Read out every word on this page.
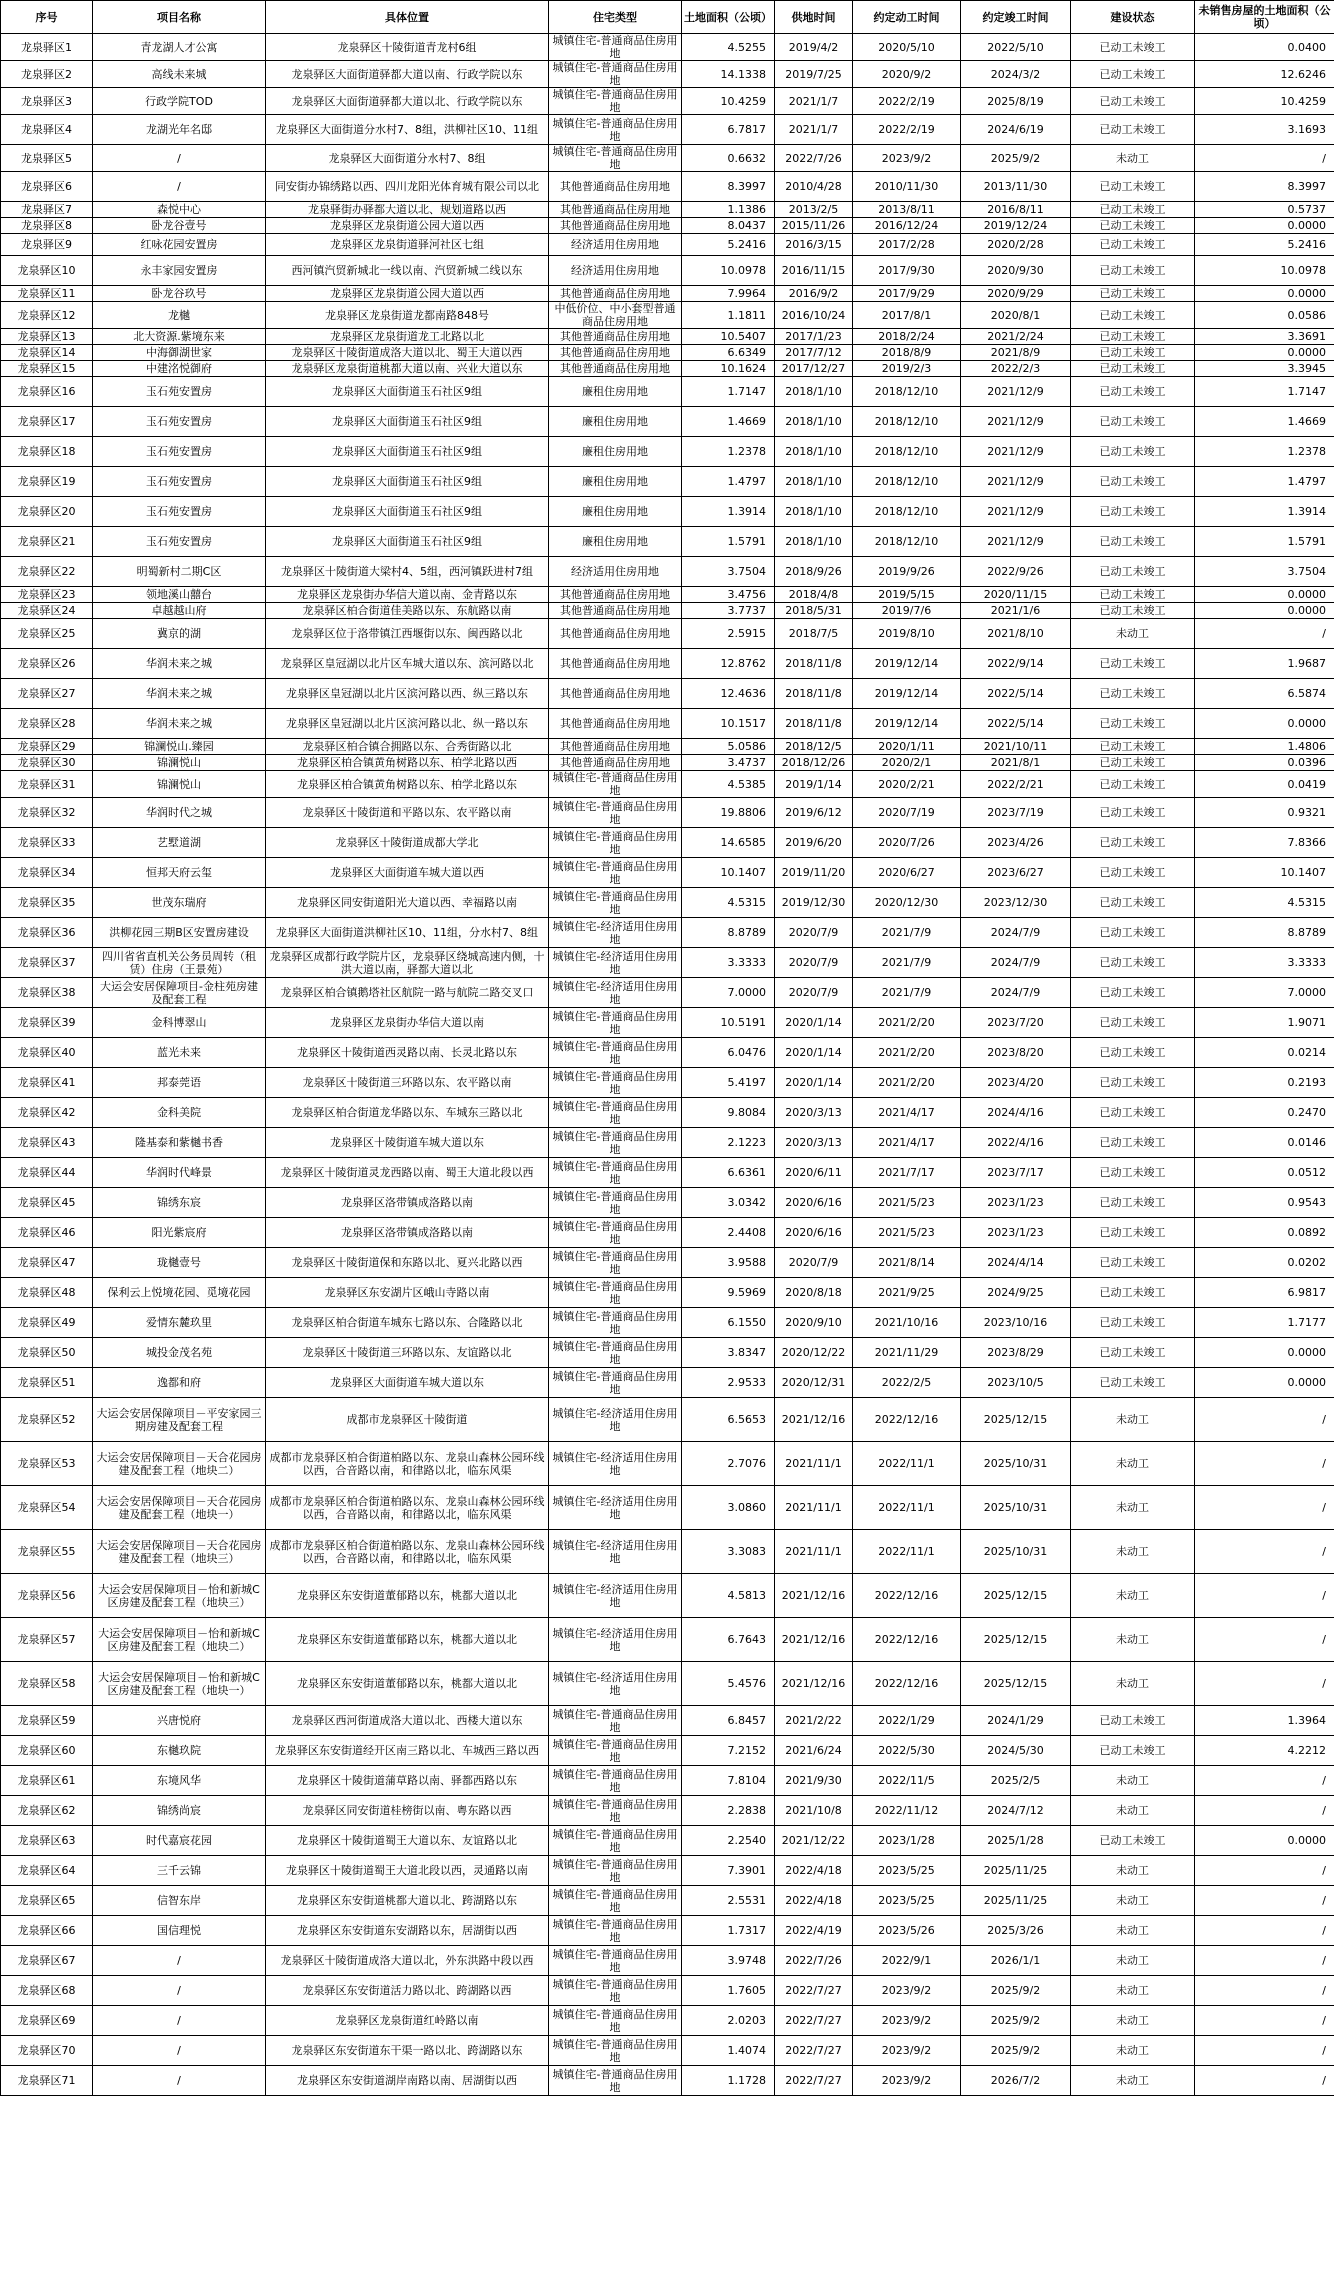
序号	项目名称	具体位置	住宅类型	土地面积（公顷）	供地时间	约定动工时间	约定竣工时间	建设状态	未销售房屋的土地面积（公顷）
龙泉驿区1	青龙湖人才公寓	龙泉驿区十陵街道青龙村6组	城镇住宅-普通商品住房用地	4.5255	2019/4/2	2020/5/10	2022/5/10	已动工未竣工	0.0400
龙泉驿区2	高线未来城	龙泉驿区大面街道驿都大道以南、行政学院以东	城镇住宅-普通商品住房用地	14.1338	2019/7/25	2020/9/2	2024/3/2	已动工未竣工	12.6246
龙泉驿区3	行政学院TOD	龙泉驿区大面街道驿都大道以北、行政学院以东	城镇住宅-普通商品住房用地	10.4259	2021/1/7	2022/2/19	2025/8/19	已动工未竣工	10.4259
龙泉驿区4	龙湖光年名邸	龙泉驿区大面街道分水村7、8组，洪柳社区10、11组	城镇住宅-普通商品住房用地	6.7817	2021/1/7	2022/2/19	2024/6/19	已动工未竣工	3.1693
龙泉驿区5	/	龙泉驿区大面街道分水村7、8组	城镇住宅-普通商品住房用地	0.6632	2022/7/26	2023/9/2	2025/9/2	未动工	/
龙泉驿区6	/	同安街办锦绣路以西、四川龙阳光体育城有限公司以北	其他普通商品住房用地	8.3997	2010/4/28	2010/11/30	2013/11/30	已动工未竣工	8.3997
龙泉驿区7	森悦中心	龙泉驿街办驿都大道以北、规划道路以西	其他普通商品住房用地	1.1386	2013/2/5	2013/8/11	2016/8/11	已动工未竣工	0.5737
龙泉驿区8	卧龙谷壹号	龙泉驿区龙泉街道公园大道以西	其他普通商品住房用地	8.0437	2015/11/26	2016/12/24	2019/12/24	已动工未竣工	0.0000
龙泉驿区9	红咏花园安置房	龙泉驿区龙泉街道驿河社区七组	经济适用住房用地	5.2416	2016/3/15	2017/2/28	2020/2/28	已动工未竣工	5.2416
龙泉驿区10	永丰家园安置房	西河镇汽贸新城北一线以南、汽贸新城二线以东	经济适用住房用地	10.0978	2016/11/15	2017/9/30	2020/9/30	已动工未竣工	10.0978
龙泉驿区11	卧龙谷玖号	龙泉驿区龙泉街道公园大道以西	其他普通商品住房用地	7.9964	2016/9/2	2017/9/29	2020/9/29	已动工未竣工	0.0000
龙泉驿区12	龙樾	龙泉驿区龙泉街道龙都南路848号	中低价位、中小套型普通商品住房用地	1.1811	2016/10/24	2017/8/1	2020/8/1	已动工未竣工	0.0586
龙泉驿区13	北大资源.紫境东来	龙泉驿区龙泉街道龙工北路以北	其他普通商品住房用地	10.5407	2017/1/23	2018/2/24	2021/2/24	已动工未竣工	3.3691
龙泉驿区14	中海御湖世家	龙泉驿区十陵街道成洛大道以北、蜀王大道以西	其他普通商品住房用地	6.6349	2017/7/12	2018/8/9	2021/8/9	已动工未竣工	0.0000
龙泉驿区15	中建洺悦御府	龙泉驿区龙泉街道桃都大道以南、兴业大道以东	其他普通商品住房用地	10.1624	2017/12/27	2019/2/3	2022/2/3	已动工未竣工	3.3945
龙泉驿区16	玉石苑安置房	龙泉驿区大面街道玉石社区9组	廉租住房用地	1.7147	2018/1/10	2018/12/10	2021/12/9	已动工未竣工	1.7147
龙泉驿区17	玉石苑安置房	龙泉驿区大面街道玉石社区9组	廉租住房用地	1.4669	2018/1/10	2018/12/10	2021/12/9	已动工未竣工	1.4669
龙泉驿区18	玉石苑安置房	龙泉驿区大面街道玉石社区9组	廉租住房用地	1.2378	2018/1/10	2018/12/10	2021/12/9	已动工未竣工	1.2378
龙泉驿区19	玉石苑安置房	龙泉驿区大面街道玉石社区9组	廉租住房用地	1.4797	2018/1/10	2018/12/10	2021/12/9	已动工未竣工	1.4797
龙泉驿区20	玉石苑安置房	龙泉驿区大面街道玉石社区9组	廉租住房用地	1.3914	2018/1/10	2018/12/10	2021/12/9	已动工未竣工	1.3914
龙泉驿区21	玉石苑安置房	龙泉驿区大面街道玉石社区9组	廉租住房用地	1.5791	2018/1/10	2018/12/10	2021/12/9	已动工未竣工	1.5791
龙泉驿区22	明蜀新村二期C区	龙泉驿区十陵街道大梁村4、5组，西河镇跃进村7组	经济适用住房用地	3.7504	2018/9/26	2019/9/26	2022/9/26	已动工未竣工	3.7504
龙泉驿区23	领地溪山囍台	龙泉驿区龙泉街办华信大道以南、金青路以东	其他普通商品住房用地	3.4756	2018/4/8	2019/5/15	2020/11/15	已动工未竣工	0.0000
龙泉驿区24	卓越越山府	龙泉驿区柏合街道佳美路以东、东航路以南	其他普通商品住房用地	3.7737	2018/5/31	2019/7/6	2021/1/6	已动工未竣工	0.0000
龙泉驿区25	冀京的湖	龙泉驿区位于洛带镇江西堰街以东、闽西路以北	其他普通商品住房用地	2.5915	2018/7/5	2019/8/10	2021/8/10	未动工	/
龙泉驿区26	华润未来之城	龙泉驿区皇冠湖以北片区车城大道以东、滨河路以北	其他普通商品住房用地	12.8762	2018/11/8	2019/12/14	2022/9/14	已动工未竣工	1.9687
龙泉驿区27	华润未来之城	龙泉驿区皇冠湖以北片区滨河路以西、纵三路以东	其他普通商品住房用地	12.4636	2018/11/8	2019/12/14	2022/5/14	已动工未竣工	6.5874
龙泉驿区28	华润未来之城	龙泉驿区皇冠湖以北片区滨河路以北、纵一路以东	其他普通商品住房用地	10.1517	2018/11/8	2019/12/14	2022/5/14	已动工未竣工	0.0000
龙泉驿区29	锦澜悦山.臻园	龙泉驿区柏合镇合拥路以东、合秀街路以北	其他普通商品住房用地	5.0586	2018/12/5	2020/1/11	2021/10/11	已动工未竣工	1.4806
龙泉驿区30	锦澜悦山	龙泉驿区柏合镇黄角树路以东、柏学北路以西	其他普通商品住房用地	3.4737	2018/12/26	2020/2/1	2021/8/1	已动工未竣工	0.0396
龙泉驿区31	锦澜悦山	龙泉驿区柏合镇黄角树路以东、柏学北路以东	城镇住宅-普通商品住房用地	4.5385	2019/1/14	2020/2/21	2022/2/21	已动工未竣工	0.0419
龙泉驿区32	华润时代之城	龙泉驿区十陵街道和平路以东、农平路以南	城镇住宅-普通商品住房用地	19.8806	2019/6/12	2020/7/19	2023/7/19	已动工未竣工	0.9321
龙泉驿区33	艺墅道湖	龙泉驿区十陵街道成都大学北	城镇住宅-普通商品住房用地	14.6585	2019/6/20	2020/7/26	2023/4/26	已动工未竣工	7.8366
龙泉驿区34	恒邦天府云玺	龙泉驿区大面街道车城大道以西	城镇住宅-普通商品住房用地	10.1407	2019/11/20	2020/6/27	2023/6/27	已动工未竣工	10.1407
龙泉驿区35	世茂东瑞府	龙泉驿区同安街道阳光大道以西、幸福路以南	城镇住宅-普通商品住房用地	4.5315	2019/12/30	2020/12/30	2023/12/30	已动工未竣工	4.5315
龙泉驿区36	洪柳花园三期B区安置房建设	龙泉驿区大面街道洪柳社区10、11组，分水村7、8组	城镇住宅-经济适用住房用地	8.8789	2020/7/9	2021/7/9	2024/7/9	已动工未竣工	8.8789
龙泉驿区37	四川省省直机关公务员周转（租赁）住房（王景苑）	龙泉驿区成都行政学院片区，龙泉驿区绕城高速内侧，十洪大道以南，驿都大道以北	城镇住宅-经济适用住房用地	3.3333	2020/7/9	2021/7/9	2024/7/9	已动工未竣工	3.3333
龙泉驿区38	大运会安居保障项目-金柱苑房建及配套工程	龙泉驿区柏合镇鹅塔社区航院一路与航院二路交叉口	城镇住宅-经济适用住房用地	7.0000	2020/7/9	2021/7/9	2024/7/9	已动工未竣工	7.0000
龙泉驿区39	金科博翠山	龙泉驿区龙泉街办华信大道以南	城镇住宅-普通商品住房用地	10.5191	2020/1/14	2021/2/20	2023/7/20	已动工未竣工	1.9071
龙泉驿区40	蓝光未来	龙泉驿区十陵街道西灵路以南、长灵北路以东	城镇住宅-普通商品住房用地	6.0476	2020/1/14	2021/2/20	2023/8/20	已动工未竣工	0.0214
龙泉驿区41	邦泰莞语	龙泉驿区十陵街道三环路以东、农平路以南	城镇住宅-普通商品住房用地	5.4197	2020/1/14	2021/2/20	2023/4/20	已动工未竣工	0.2193
龙泉驿区42	金科美院	龙泉驿区柏合街道龙华路以东、车城东三路以北	城镇住宅-普通商品住房用地	9.8084	2020/3/13	2021/4/17	2024/4/16	已动工未竣工	0.2470
龙泉驿区43	隆基泰和紫樾书香	龙泉驿区十陵街道车城大道以东	城镇住宅-普通商品住房用地	2.1223	2020/3/13	2021/4/17	2022/4/16	已动工未竣工	0.0146
龙泉驿区44	华润时代峰景	龙泉驿区十陵街道灵龙西路以南、蜀王大道北段以西	城镇住宅-普通商品住房用地	6.6361	2020/6/11	2021/7/17	2023/7/17	已动工未竣工	0.0512
龙泉驿区45	锦绣东宸	龙泉驿区洛带镇成洛路以南	城镇住宅-普通商品住房用地	3.0342	2020/6/16	2021/5/23	2023/1/23	已动工未竣工	0.9543
龙泉驿区46	阳光紫宸府	龙泉驿区洛带镇成洛路以南	城镇住宅-普通商品住房用地	2.4408	2020/6/16	2021/5/23	2023/1/23	已动工未竣工	0.0892
龙泉驿区47	珑樾壹号	龙泉驿区十陵街道保和东路以北、夏兴北路以西	城镇住宅-普通商品住房用地	3.9588	2020/7/9	2021/8/14	2024/4/14	已动工未竣工	0.0202
龙泉驿区48	保利云上悦境花园、觅境花园	龙泉驿区东安湖片区峨山寺路以南	城镇住宅-普通商品住房用地	9.5969	2020/8/18	2021/9/25	2024/9/25	已动工未竣工	6.9817
龙泉驿区49	爱情东麓玖里	龙泉驿区柏合街道车城东七路以东、合隆路以北	城镇住宅-普通商品住房用地	6.1550	2020/9/10	2021/10/16	2023/10/16	已动工未竣工	1.7177
龙泉驿区50	城投金茂名苑	龙泉驿区十陵街道三环路以东、友谊路以北	城镇住宅-普通商品住房用地	3.8347	2020/12/22	2021/11/29	2023/8/29	已动工未竣工	0.0000
龙泉驿区51	逸都和府	龙泉驿区大面街道车城大道以东	城镇住宅-普通商品住房用地	2.9533	2020/12/31	2022/2/5	2023/10/5	已动工未竣工	0.0000
龙泉驿区52	大运会安居保障项目－平安家园三期房建及配套工程	成都市龙泉驿区十陵街道	城镇住宅-经济适用住房用地	6.5653	2021/12/16	2022/12/16	2025/12/15	未动工	/
龙泉驿区53	大运会安居保障项目－天合花园房建及配套工程（地块二）	成都市龙泉驿区柏合街道柏路以东、龙泉山森林公园环线以西，合音路以南，和律路以北，临东风渠	城镇住宅-经济适用住房用地	2.7076	2021/11/1	2022/11/1	2025/10/31	未动工	/
龙泉驿区54	大运会安居保障项目－天合花园房建及配套工程（地块一）	成都市龙泉驿区柏合街道柏路以东、龙泉山森林公园环线以西，合音路以南，和律路以北，临东风渠	城镇住宅-经济适用住房用地	3.0860	2021/11/1	2022/11/1	2025/10/31	未动工	/
龙泉驿区55	大运会安居保障项目－天合花园房建及配套工程（地块三）	成都市龙泉驿区柏合街道柏路以东、龙泉山森林公园环线以西，合音路以南，和律路以北，临东风渠	城镇住宅-经济适用住房用地	3.3083	2021/11/1	2022/11/1	2025/10/31	未动工	/
龙泉驿区56	大运会安居保障项目－怡和新城C区房建及配套工程（地块三）	龙泉驿区东安街道董郁路以东，桃都大道以北	城镇住宅-经济适用住房用地	4.5813	2021/12/16	2022/12/16	2025/12/15	未动工	/
龙泉驿区57	大运会安居保障项目－怡和新城C区房建及配套工程（地块二）	龙泉驿区东安街道董郁路以东，桃都大道以北	城镇住宅-经济适用住房用地	6.7643	2021/12/16	2022/12/16	2025/12/15	未动工	/
龙泉驿区58	大运会安居保障项目－怡和新城C区房建及配套工程（地块一）	龙泉驿区东安街道董郁路以东，桃都大道以北	城镇住宅-经济适用住房用地	5.4576	2021/12/16	2022/12/16	2025/12/15	未动工	/
龙泉驿区59	兴唐悦府	龙泉驿区西河街道成洛大道以北、西楼大道以东	城镇住宅-普通商品住房用地	6.8457	2021/2/22	2022/1/29	2024/1/29	已动工未竣工	1.3964
龙泉驿区60	东樾玖院	龙泉驿区东安街道经开区南三路以北、车城西三路以西	城镇住宅-普通商品住房用地	7.2152	2021/6/24	2022/5/30	2024/5/30	已动工未竣工	4.2212
龙泉驿区61	东境风华	龙泉驿区十陵街道蒲草路以南、驿都西路以东	城镇住宅-普通商品住房用地	7.8104	2021/9/30	2022/11/5	2025/2/5	未动工	/
龙泉驿区62	锦绣尚宸	龙泉驿区同安街道桂榜街以南、粤东路以西	城镇住宅-普通商品住房用地	2.2838	2021/10/8	2022/11/12	2024/7/12	未动工	/
龙泉驿区63	时代嘉宸花园	龙泉驿区十陵街道蜀王大道以东、友谊路以北	城镇住宅-普通商品住房用地	2.2540	2021/12/22	2023/1/28	2025/1/28	已动工未竣工	0.0000
龙泉驿区64	三千云锦	龙泉驿区十陵街道蜀王大道北段以西，灵通路以南	城镇住宅-普通商品住房用地	7.3901	2022/4/18	2023/5/25	2025/11/25	未动工	/
龙泉驿区65	信智东岸	龙泉驿区东安街道桃都大道以北、跨湖路以东	城镇住宅-普通商品住房用地	2.5531	2022/4/18	2023/5/25	2025/11/25	未动工	/
龙泉驿区66	国信理悦	龙泉驿区东安街道东安湖路以东，居湖街以西	城镇住宅-普通商品住房用地	1.7317	2022/4/19	2023/5/26	2025/3/26	未动工	/
龙泉驿区67	/	龙泉驿区十陵街道成洛大道以北，外东洪路中段以西	城镇住宅-普通商品住房用地	3.9748	2022/7/26	2022/9/1	2026/1/1	未动工	/
龙泉驿区68	/	龙泉驿区东安街道活力路以北、跨湖路以西	城镇住宅-普通商品住房用地	1.7605	2022/7/27	2023/9/2	2025/9/2	未动工	/
龙泉驿区69	/	龙泉驿区龙泉街道红岭路以南	城镇住宅-普通商品住房用地	2.0203	2022/7/27	2023/9/2	2025/9/2	未动工	/
龙泉驿区70	/	龙泉驿区东安街道东干渠一路以北、跨湖路以东	城镇住宅-普通商品住房用地	1.4074	2022/7/27	2023/9/2	2025/9/2	未动工	/
龙泉驿区71	/	龙泉驿区东安街道湖岸南路以南、居湖街以西	城镇住宅-普通商品住房用地	1.1728	2022/7/27	2023/9/2	2026/7/2	未动工	/
